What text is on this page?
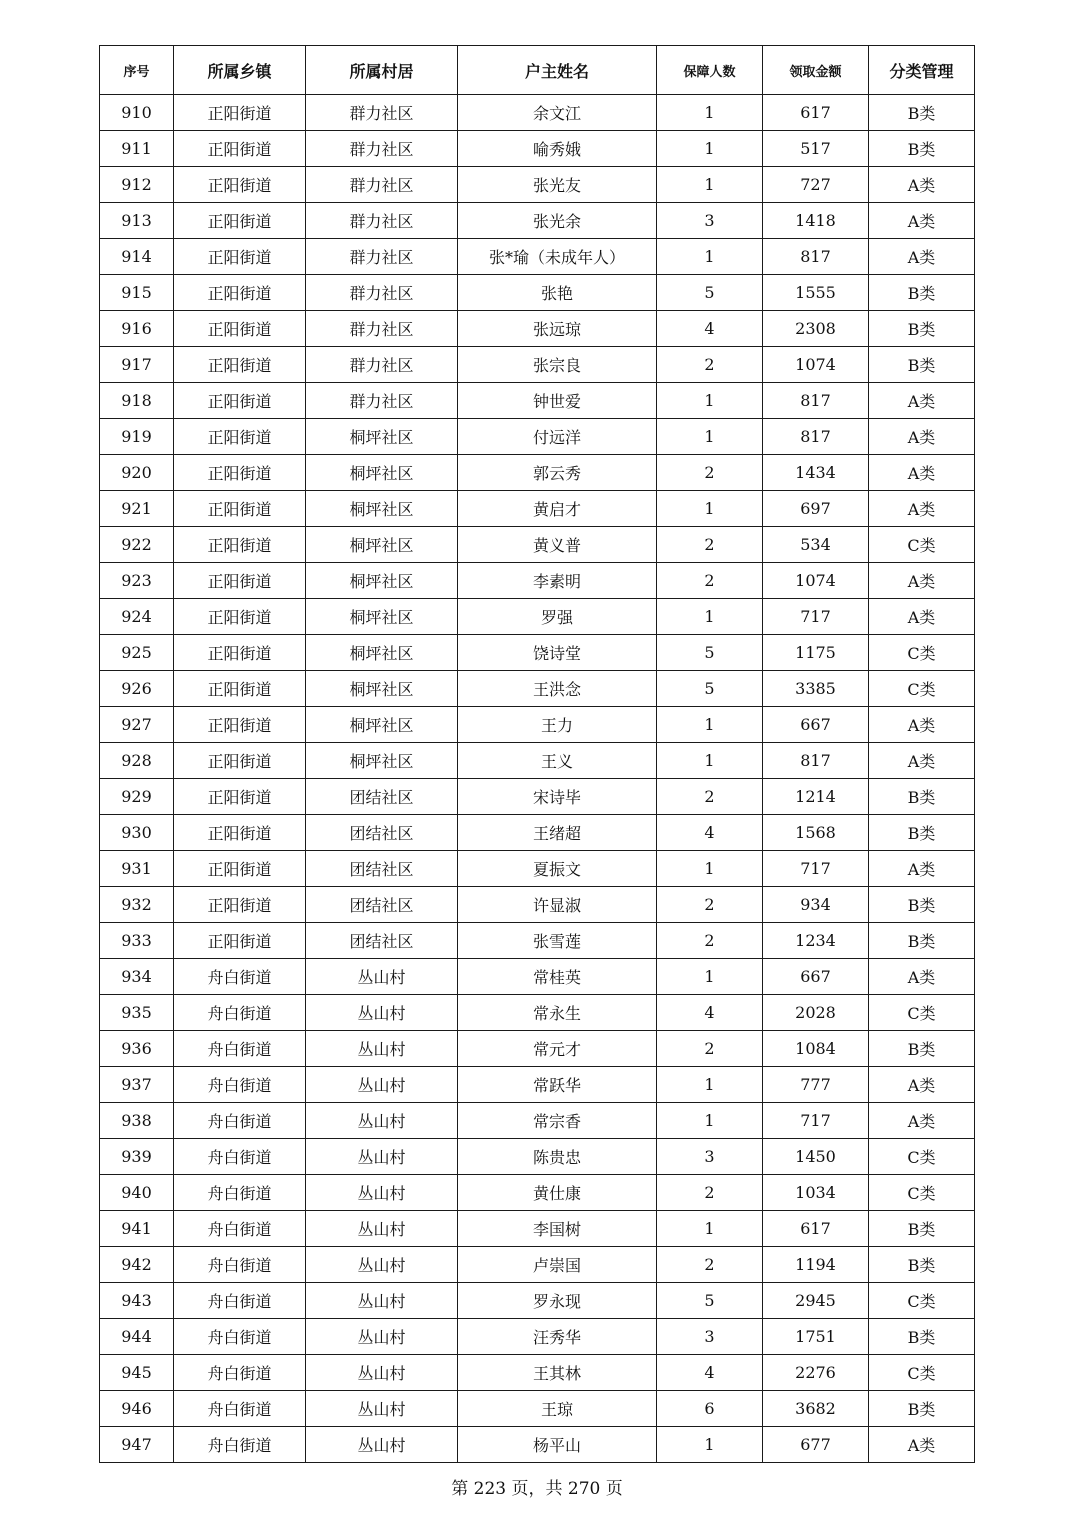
序号	所属乡镇	所属村居	户主姓名	保障人数	领取金额	分类管理
910	正阳街道	群力社区	余文江	1	617	B类
911	正阳街道	群力社区	喻秀娥	1	517	B类
912	正阳街道	群力社区	张光友	1	727	A类
913	正阳街道	群力社区	张光余	3	1418	A类
914	正阳街道	群力社区	张*瑜（未成年人）	1	817	A类
915	正阳街道	群力社区	张艳	5	1555	B类
916	正阳街道	群力社区	张远琼	4	2308	B类
917	正阳街道	群力社区	张宗良	2	1074	B类
918	正阳街道	群力社区	钟世爱	1	817	A类
919	正阳街道	桐坪社区	付远洋	1	817	A类
920	正阳街道	桐坪社区	郭云秀	2	1434	A类
921	正阳街道	桐坪社区	黄启才	1	697	A类
922	正阳街道	桐坪社区	黄义普	2	534	C类
923	正阳街道	桐坪社区	李素明	2	1074	A类
924	正阳街道	桐坪社区	罗强	1	717	A类
925	正阳街道	桐坪社区	饶诗堂	5	1175	C类
926	正阳街道	桐坪社区	王洪念	5	3385	C类
927	正阳街道	桐坪社区	王力	1	667	A类
928	正阳街道	桐坪社区	王义	1	817	A类
929	正阳街道	团结社区	宋诗毕	2	1214	B类
930	正阳街道	团结社区	王绪超	4	1568	B类
931	正阳街道	团结社区	夏振文	1	717	A类
932	正阳街道	团结社区	许显淑	2	934	B类
933	正阳街道	团结社区	张雪莲	2	1234	B类
934	舟白街道	丛山村	常桂英	1	667	A类
935	舟白街道	丛山村	常永生	4	2028	C类
936	舟白街道	丛山村	常元才	2	1084	B类
937	舟白街道	丛山村	常跃华	1	777	A类
938	舟白街道	丛山村	常宗香	1	717	A类
939	舟白街道	丛山村	陈贵忠	3	1450	C类
940	舟白街道	丛山村	黄仕康	2	1034	C类
941	舟白街道	丛山村	李国树	1	617	B类
942	舟白街道	丛山村	卢崇国	2	1194	B类
943	舟白街道	丛山村	罗永现	5	2945	C类
944	舟白街道	丛山村	汪秀华	3	1751	B类
945	舟白街道	丛山村	王其林	4	2276	C类
946	舟白街道	丛山村	王琼	6	3682	B类
947	舟白街道	丛山村	杨平山	1	677	A类
第 223 页，共 270 页
